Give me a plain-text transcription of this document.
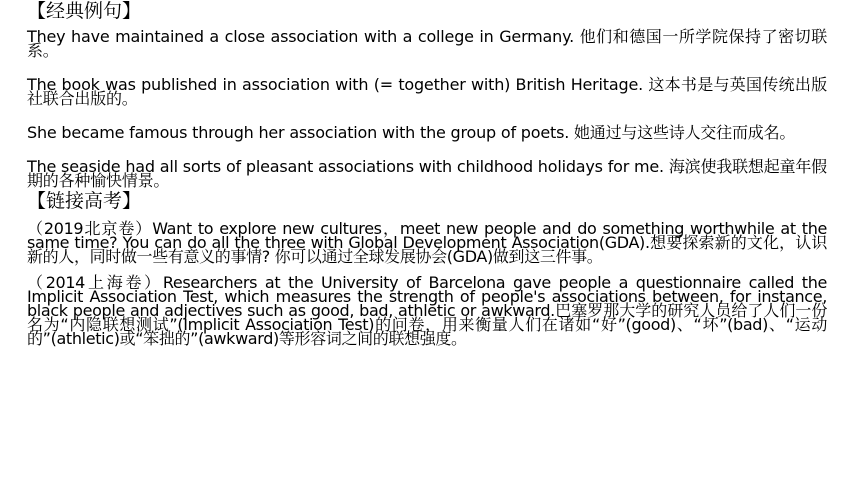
【经典例句】
They have maintained a close association with a college in Germany. 他们和德国一所学院保持了密切联系。
The book was published in association with (= together with) British Heritage. 这本书是与英国传统出版社联合出版的。
She became famous through her association with the group of poets. 她通过与这些诗人交往而成名。
The seaside had all sorts of pleasant associations with childhood holidays for me. 海滨使我联想起童年假期的各种愉快情景。
【链接高考】
（2019北京卷）Want to explore new cultures，meet new people and do something worthwhile at the same time? You can do all the three with Global Development Association(GDA).想要探索新的文化，认识新的人，同时做一些有意义的事情? 你可以通过全球发展协会(GDA)做到这三件事。
（2014上海卷）Researchers at the University of Barcelona gave people a questionnaire called the Implicit Association Test, which measures the strength of people's associations between, for instance, black people and adjectives such as good, bad, athletic or awkward.巴塞罗那大学的研究人员给了人们一份名为“内隐联想测试”(Implicit Association Test)的问卷，用来衡量人们在诸如“好”(good)、“坏”(bad)、“运动的”(athletic)或“笨拙的”(awkward)等形容词之间的联想强度。
